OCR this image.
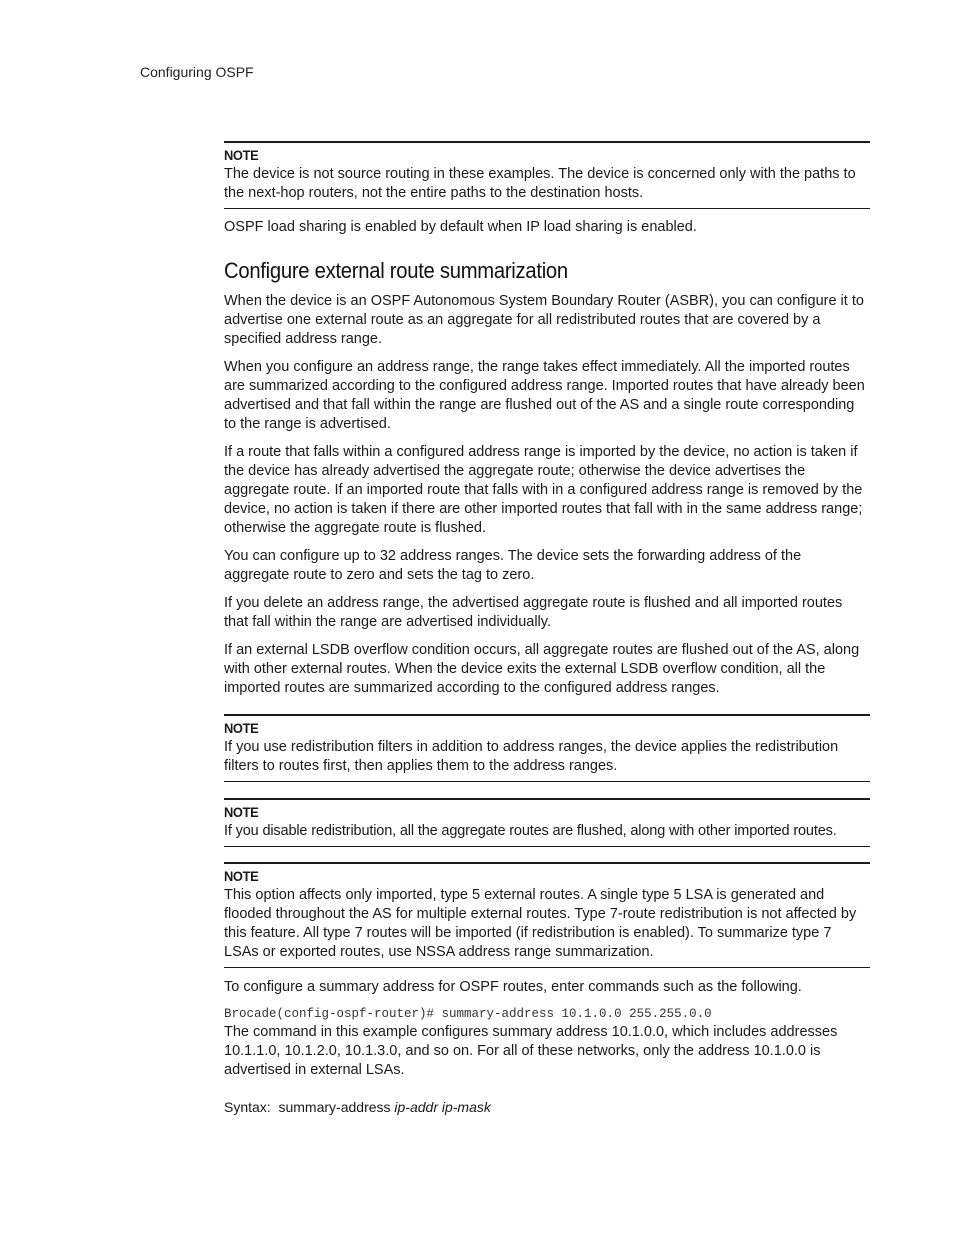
Configuring OSPF
NOTE

The device is not source routing in these examples. The device is concerned only with the paths to the next-hop routers, not the entire paths to the destination hosts.

OSPF load sharing is enabled by default when IP load sharing is enabled.

Configure external route summarization

When the device is an OSPF Autonomous System Boundary Router (ASBR), you can configure it to advertise one external route as an aggregate for all redistributed routes that are covered by a specified address range.

When you configure an address range, the range takes effect immediately. All the imported routes are summarized according to the configured address range. Imported routes that have already been advertised and that fall within the range are flushed out of the AS and a single route corresponding to the range is advertised.

If a route that falls within a configured address range is imported by the device, no action is taken if the device has already advertised the aggregate route; otherwise the device advertises the aggregate route. If an imported route that falls with in a configured address range is removed by the device, no action is taken if there are other imported routes that fall with in the same address range; otherwise the aggregate route is flushed.

You can configure up to 32 address ranges. The device sets the forwarding address of the aggregate route to zero and sets the tag to zero.

If you delete an address range, the advertised aggregate route is flushed and all imported routes that fall within the range are advertised individually.

If an external LSDB overflow condition occurs, all aggregate routes are flushed out of the AS, along with other external routes. When the device exits the external LSDB overflow condition, all the imported routes are summarized according to the configured address ranges.

NOTE

If you use redistribution filters in addition to address ranges, the device applies the redistribution filters to routes first, then applies them to the address ranges.

NOTE

If you disable redistribution, all the aggregate routes are flushed, along with other imported routes.

NOTE

This option affects only imported, type 5 external routes. A single type 5 LSA is generated and flooded throughout the AS for multiple external routes. Type 7-route redistribution is not affected by this feature. All type 7 routes will be imported (if redistribution is enabled). To summarize type 7 LSAs or exported routes, use NSSA address range summarization.

To configure a summary address for OSPF routes, enter commands such as the following.

Brocade(config-ospf-router)# summary-address 10.1.0.0 255.255.0.0

The command in this example configures summary address 10.1.0.0, which includes addresses 10.1.1.0, 10.1.2.0, 10.1.3.0, and so on. For all of these networks, only the address 10.1.0.0 is advertised in external LSAs.

Syntax: summary-address ip-addr ip-mask
